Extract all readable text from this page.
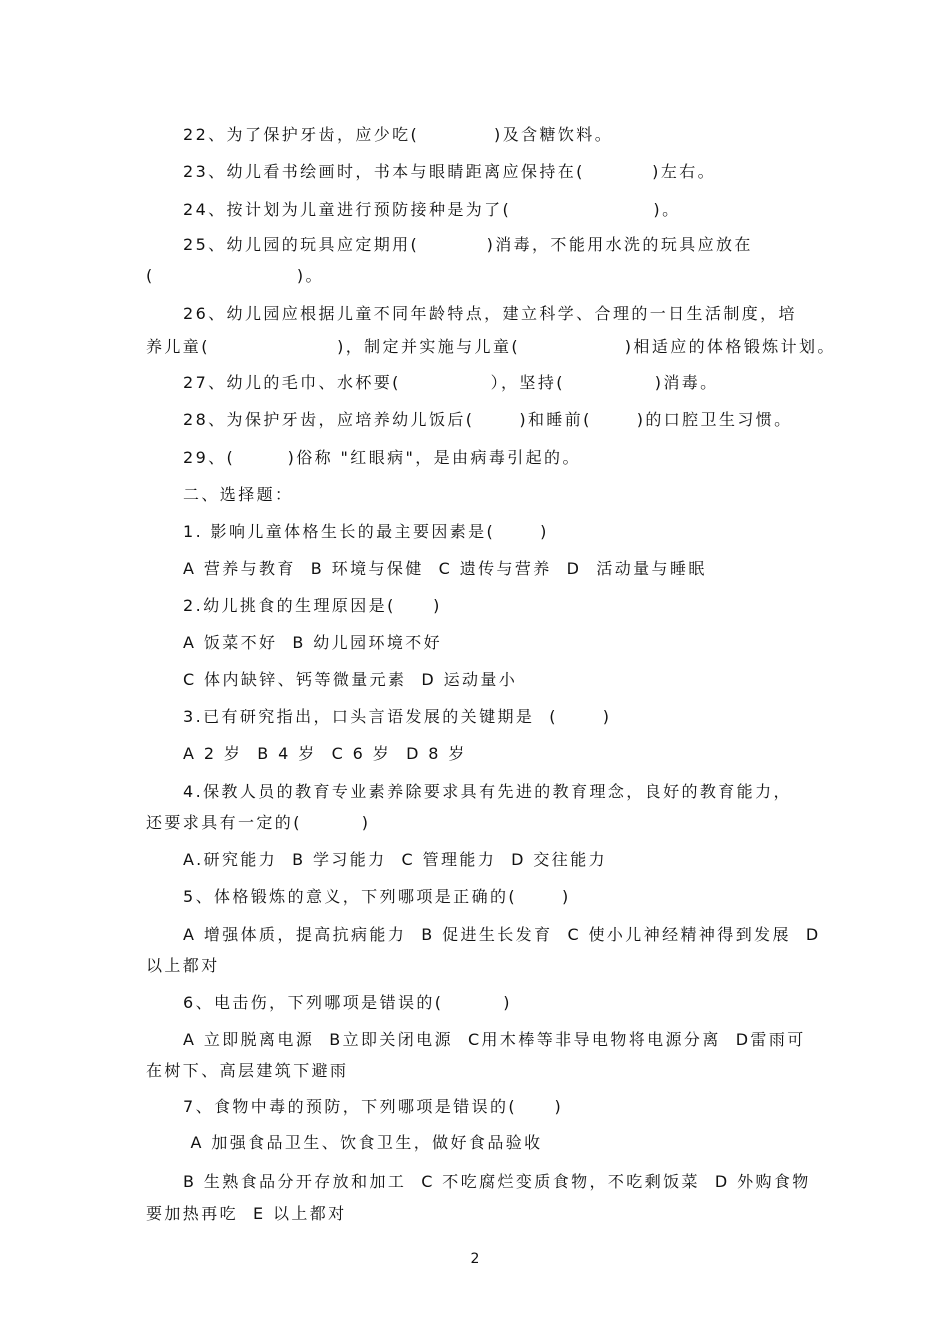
22、为了保护牙齿，应少吃(          )及含糖饮料。
23、幼儿看书绘画时，书本与眼睛距离应保持在(         )左右。
24、按计划为儿童进行预防接种是为了(                   )。
25、幼儿园的玩具应定期用(         )消毒，不能用水洗的玩具应放在
(                   )。
26、幼儿园应根据儿童不同年龄特点，建立科学、合理的一日生活制度，培
养儿童(                 )，制定并实施与儿童(              )相适应的体格锻炼计划。
27、幼儿的毛巾、水杯要(            ），坚持(            )消毒。
28、为保护牙齿，应培养幼儿饭后(      )和睡前(      )的口腔卫生习惯。
29、(       )俗称 "红眼病"，是由病毒引起的。
二、选择题：
1. 影响儿童体格生长的最主要因素是(      )
A 营养与教育  B 环境与保健  C 遗传与营养  D  活动量与睡眠
2.幼儿挑食的生理原因是(     )
A 饭菜不好  B 幼儿园环境不好
C 体内缺锌、钙等微量元素  D 运动量小
3.已有研究指出，口头言语发展的关键期是  (      )
A 2 岁  B 4 岁  C 6 岁  D 8 岁
4.保教人员的教育专业素养除要求具有先进的教育理念，良好的教育能力，
还要求具有一定的(        )
A.研究能力  B 学习能力  C 管理能力  D 交往能力
5、体格锻炼的意义，下列哪项是正确的(      )
A 增强体质，提高抗病能力  B 促进生长发育  C 使小儿神经精神得到发展  D
以上都对
6、电击伤，下列哪项是错误的(        )
A 立即脱离电源  B立即关闭电源  C用木棒等非导电物将电源分离  D雷雨可
在树下、高层建筑下避雨
7、食物中毒的预防，下列哪项是错误的(     )
A 加强食品卫生、饮食卫生，做好食品验收
B 生熟食品分开存放和加工  C 不吃腐烂变质食物，不吃剩饭菜  D 外购食物
要加热再吃  E 以上都对
2
